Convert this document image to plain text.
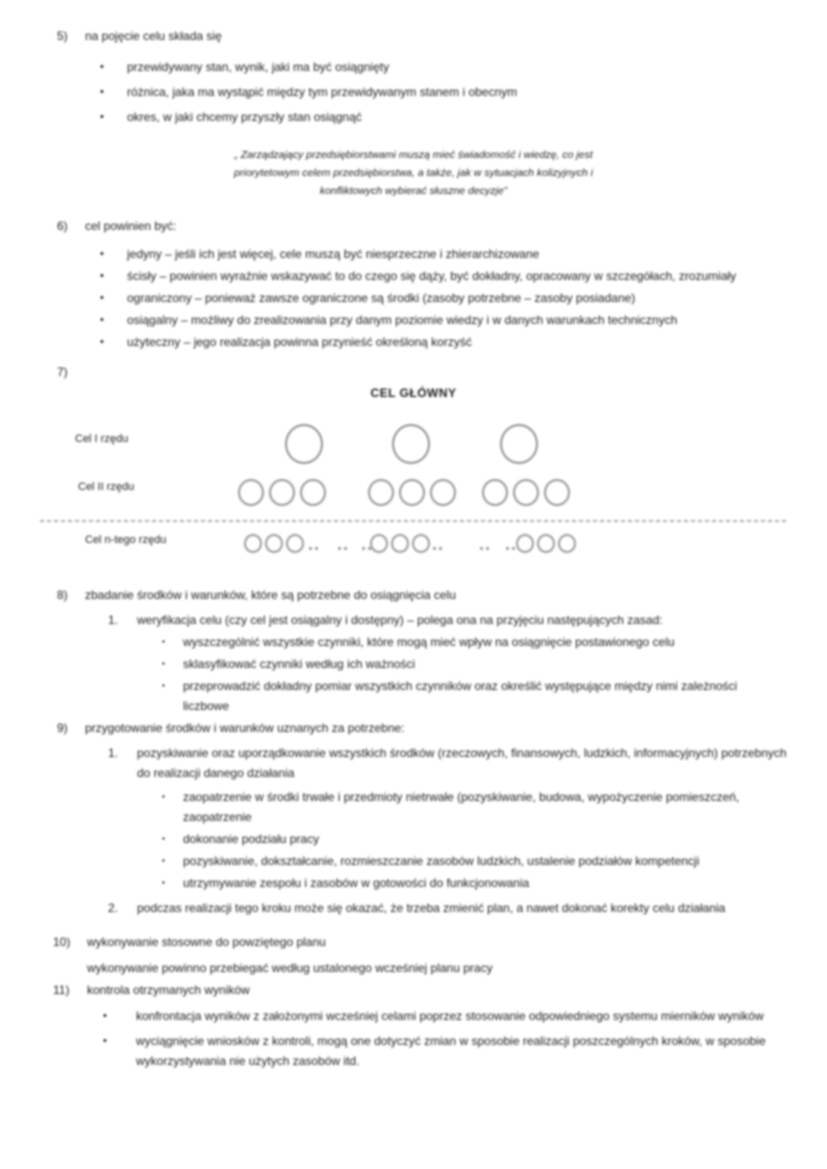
5)	na pojęcie celu składa się
•	przewidywany stan, wynik, jaki ma być osiągnięty
•	różnica, jaka ma wystąpić między tym przewidywanym stanem i obecnym
•	okres, w jaki chcemy przyszły stan osiągnąć
„ Zarządzający przedsiębiorstwami muszą mieć świadomość i wiedzę, co jest
priorytetowym celem przedsiębiorstwa, a także, jak w sytuacjach kolizyjnych i
konfliktowych wybierać słuszne decyzje”
6)	cel powinien być:
•	jedyny – jeśli ich jest więcej, cele muszą być niesprzeczne i zhierarchizowane
•	ścisły – powinien wyraźnie wskazywać to do czego się dąży, być dokładny, opracowany w szczegółach, zrozumiały
•	ograniczony – ponieważ zawsze ograniczone są środki (zasoby potrzebne – zasoby posiadane)
•	osiągalny – możliwy do zrealizowania przy danym poziomie wiedzy i w danych warunkach technicznych
•	użyteczny – jego realizacja powinna przynieść określoną korzyść
7)
CEL GŁÓWNY
Cel I rzędu
Cel II rzędu
Cel n-tego rzędu
8)	zbadanie środków i warunków, które są potrzebne do osiągnięcia celu
1.	weryfikacja celu (czy cel jest osiągalny i dostępny) – polega ona na przyjęciu następujących zasad:
▪	wyszczególnić wszystkie czynniki, które mogą mieć wpływ na osiągnięcie postawionego celu
▪	sklasyfikować czynniki według ich ważności
▪	przeprowadzić dokładny pomiar wszystkich czynników oraz określić występujące między nimi zależności liczbowe
9)	przygotowanie środków i warunków uznanych za potrzebne:
1.	pozyskiwanie oraz uporządkowanie wszystkich środków (rzeczowych, finansowych, ludzkich, informacyjnych) potrzebnych do realizacji danego działania
▪	zaopatrzenie w środki trwałe i przedmioty nietrwałe (pozyskiwanie, budowa, wypożyczenie pomieszczeń, zaopatrzenie
▪	dokonanie podziału pracy
▪	pozyskiwanie, dokształcanie, rozmieszczanie zasobów ludzkich, ustalenie podziałów kompetencji
▪	utrzymywanie zespołu i zasobów w gotowości do funkcjonowania
2.	podczas realizacji tego kroku może się okazać, że trzeba zmienić plan, a nawet dokonać korekty celu działania
10)	wykonywanie stosowne do powziętego planu
wykonywanie powinno przebiegać według ustalonego wcześniej planu pracy
11)	kontrola otrzymanych wyników
•	konfrontacja wyników z założonymi wcześniej celami poprzez stosowanie odpowiedniego systemu mierników wyników
•	wyciągnięcie wniosków z kontroli, mogą one dotyczyć zmian w sposobie realizacji poszczególnych kroków, w sposobie wykorzystywania nie użytych zasobów itd.
